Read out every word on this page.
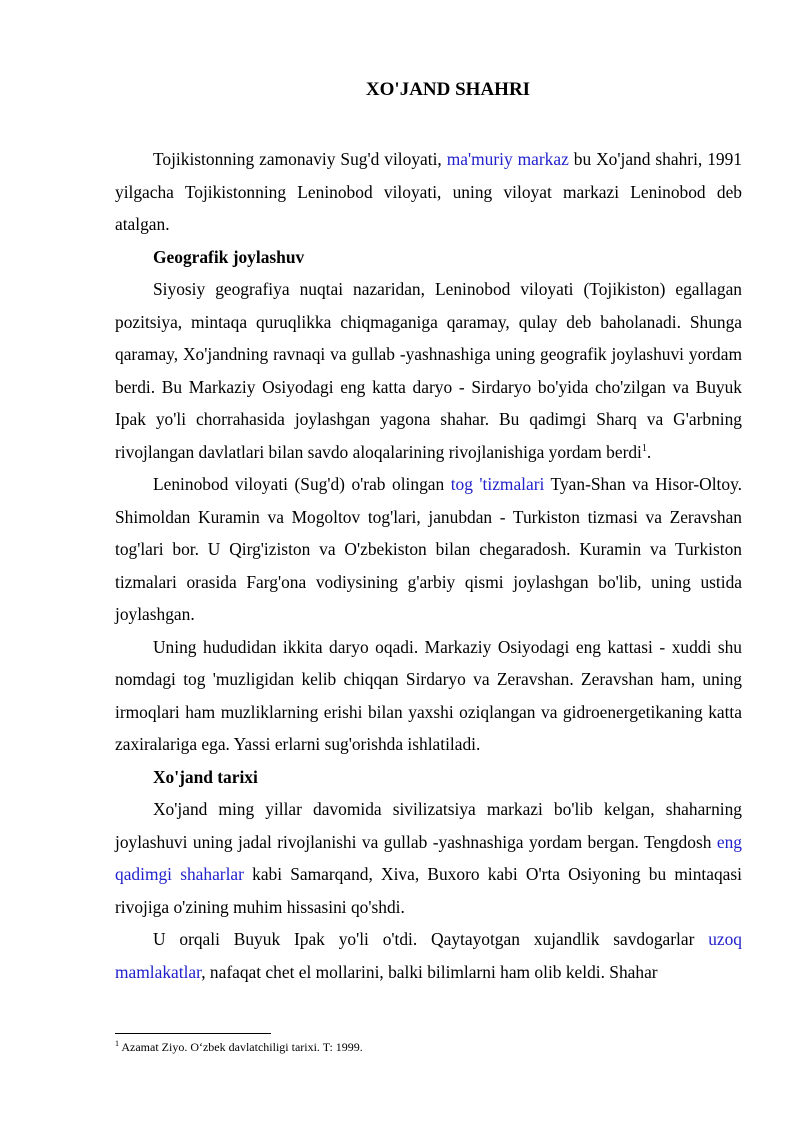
XO'JAND SHAHRI

Tojikistonning zamonaviy Sug'd viloyati, ma'muriy markaz bu Xo'jand shahri, 1991 yilgacha Tojikistonning Leninobod viloyati, uning viloyat markazi Leninobod deb atalgan.

Geografik joylashuv

Siyosiy geografiya nuqtai nazaridan, Leninobod viloyati (Tojikiston) egallagan pozitsiya, mintaqa quruqlikka chiqmaganiga qaramay, qulay deb baholanadi. Shunga qaramay, Xo'jandning ravnaqi va gullab -yashnashiga uning geografik joylashuvi yordam berdi. Bu Markaziy Osiyodagi eng katta daryo - Sirdaryo bo'yida cho'zilgan va Buyuk Ipak yo'li chorrahasida joylashgan yagona shahar. Bu qadimgi Sharq va G'arbning rivojlangan davlatlari bilan savdo aloqalarining rivojlanishiga yordam berdi$^1$.

Leninobod viloyati (Sug'd) o'rab olingan tog 'tizmalari Tyan-Shan va Hisor-Oltoy. Shimoldan Kuramin va Mogoltov tog'lari, janubdan - Turkiston tizmasi va Zeravshan tog'lari bor. U Qirg'iziston va O'zbekiston bilan chegaradosh. Kuramin va Turkiston tizmalari orasida Farg'ona vodiysining g'arbiy qismi joylashgan bo'lib, uning ustida joylashgan.

Uning hududidan ikkita daryo oqadi. Markaziy Osiyodagi eng kattasi - xuddi shu nomdagi tog 'muzligidan kelib chiqqan Sirdaryo va Zeravshan. Zeravshan ham, uning irmoqlari ham muzliklarning erishi bilan yaxshi oziqlangan va gidroenergetikaning katta zaxiralariga ega. Yassi erlarni sug'orishda ishlatiladi.

Xo'jand tarixi

Xo'jand ming yillar davomida sivilizatsiya markazi bo'lib kelgan, shaharning joylashuvi uning jadal rivojlanishi va gullab -yashnashiga yordam bergan. Tengdosh eng qadimgi shaharlar kabi Samarqand, Xiva, Buxoro kabi O'rta Osiyoning bu mintaqasi rivojiga o'zining muhim hissasini qo'shdi.

U orqali Buyuk Ipak yo'li o'tdi. Qaytayotgan xujandlik savdogarlar uzoq mamlakatlar, nafaqat chet el mollarini, balki bilimlarni ham olib keldi. Shahar

$^1$ Azamat Ziyo. O‘zbek davlatchiligi tarixi. T: 1999.
